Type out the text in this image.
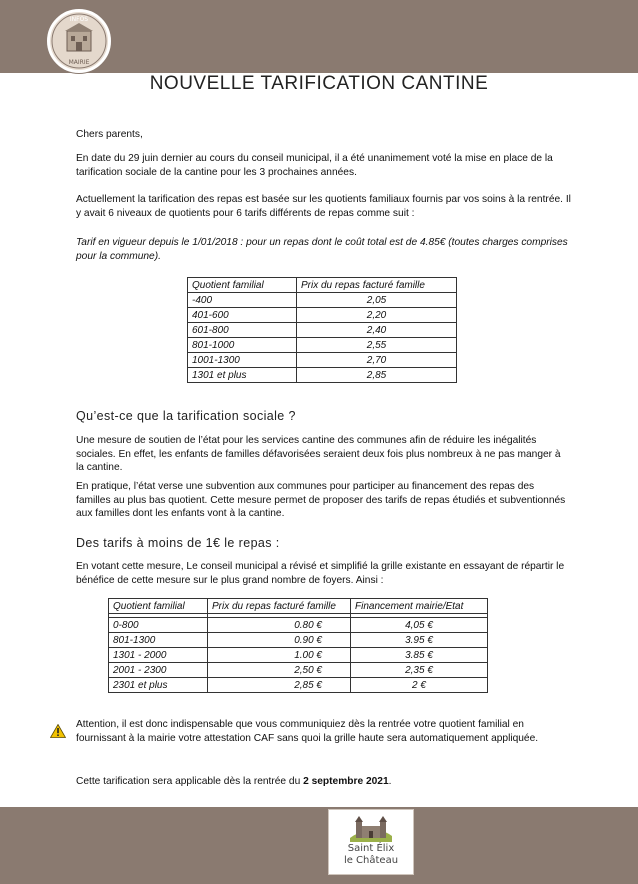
INFOS
MAIRIE
NOUVELLE TARIFICATION CANTINE

Chers parents,

En date du 29 juin dernier au cours du conseil municipal, il a été unanimement voté la mise en place de la tarification sociale de la cantine pour les 3 prochaines années.

Actuellement la tarification des repas est basée sur les quotients familiaux fournis par vos soins à la rentrée. Il y avait 6 niveaux de quotients pour 6 tarifs différents de repas comme suit :

Tarif en vigueur depuis le 1/01/2018 : pour un repas dont le coût total est de 4.85€ (toutes charges comprises pour la commune).

Quotient familial	Prix du repas facturé famille
-400	2,05
401-600	2,20
601-800	2,40
801-1000	2,55
1001-1300	2,70
1301 et plus	2,85
Qu’est-ce que la tarification sociale ?

Une mesure de soutien de l’état pour les services cantine des communes afin de réduire les inégalités sociales. En effet, les enfants de familles défavorisées seraient deux fois plus nombreux à ne pas manger à la cantine.

En pratique, l’état verse une subvention aux communes pour participer au financement des repas des familles au plus bas quotient. Cette mesure permet de proposer des tarifs de repas étudiés et subventionnés aux familles dont les enfants vont à la cantine.

Des tarifs à moins de 1€ le repas :

En votant cette mesure, Le conseil municipal a révisé et simplifié la grille existante en essayant de répartir le bénéfice de cette mesure sur le plus grand nombre de foyers. Ainsi :

Quotient familial	Prix du repas facturé famille	Financement mairie/Etat

0-800	0.80 €	4,05 €
801-1300	0.90 €	3.95 €
1301 - 2000	1.00 €	3.85 €
2001 - 2300	2,50 €	2,35 €
2301 et plus	2,85 €	2 €

Attention, il est donc indispensable que vous communiquiez dès la rentrée votre quotient familial en fournissant à la mairie votre attestation CAF sans quoi la grille haute sera automatiquement appliquée.

Cette tarification sera applicable dès la rentrée du 2 septembre 2021.

Saint Élix
le Château
